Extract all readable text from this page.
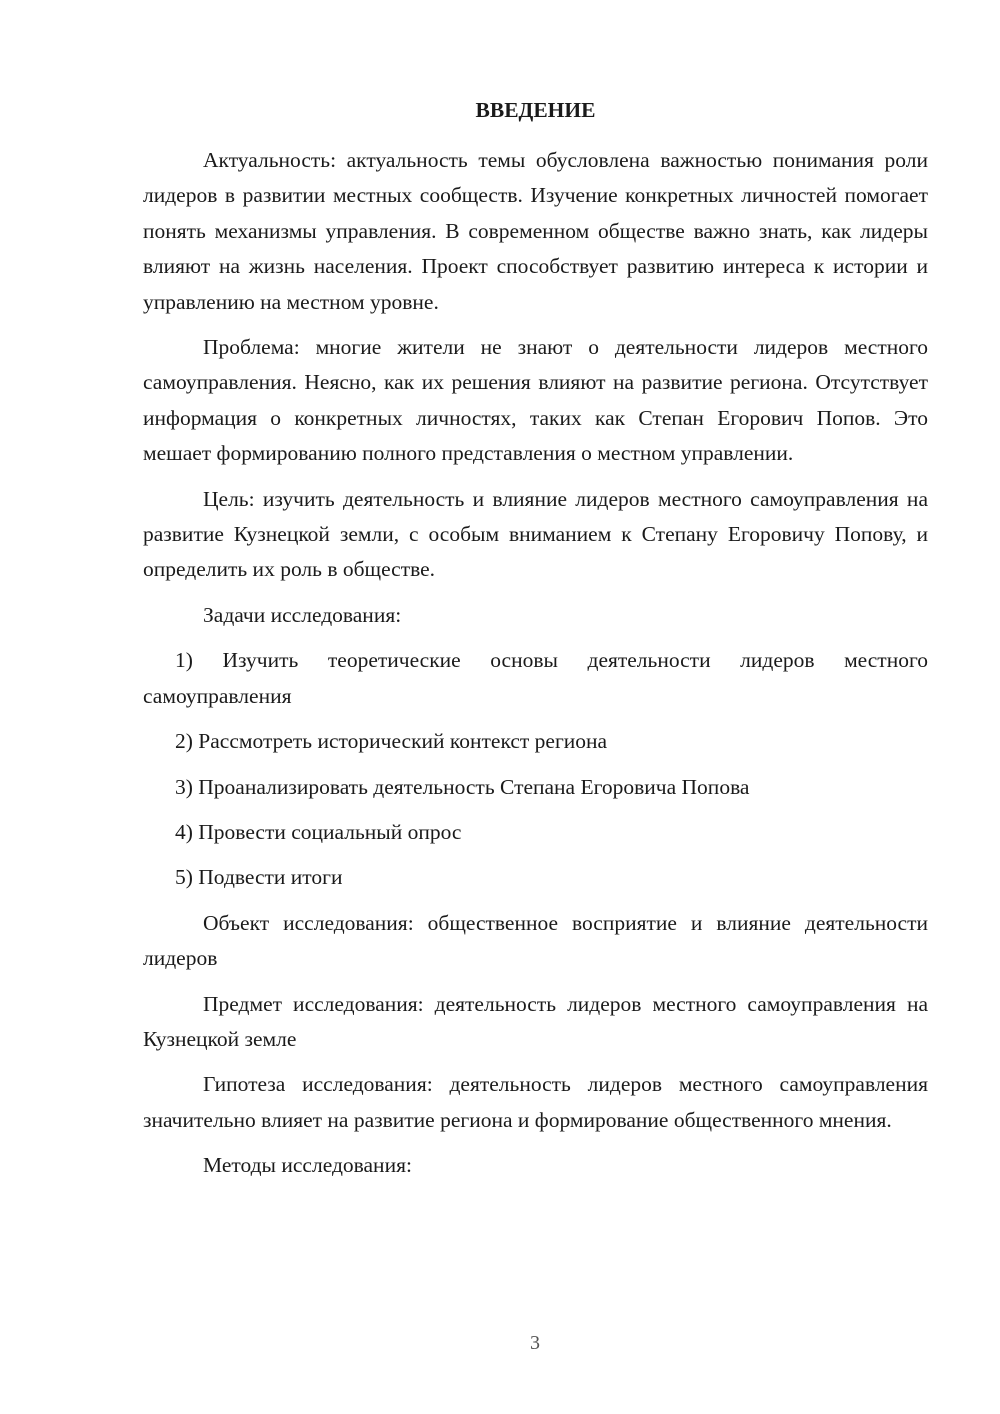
ВВЕДЕНИЕ

Актуальность: актуальность темы обусловлена важностью понимания роли лидеров в развитии местных сообществ. Изучение конкретных личностей помогает понять механизмы управления. В современном обществе важно знать, как лидеры влияют на жизнь населения. Проект способствует развитию интереса к истории и управлению на местном уровне.

Проблема: многие жители не знают о деятельности лидеров местного самоуправления. Неясно, как их решения влияют на развитие региона. Отсутствует информация о конкретных личностях, таких как Степан Егорович Попов. Это мешает формированию полного представления о местном управлении.

Цель: изучить деятельность и влияние лидеров местного самоуправления на развитие Кузнецкой земли, с особым вниманием к Степану Егоровичу Попову, и определить их роль в обществе.

Задачи исследования:

1) Изучить теоретические основы деятельности лидеров местного самоуправления

2) Рассмотреть исторический контекст региона

3) Проанализировать деятельность Степана Егоровича Попова

4) Провести социальный опрос

5) Подвести итоги

Объект исследования: общественное восприятие и влияние деятельности лидеров

Предмет исследования: деятельность лидеров местного самоуправления на Кузнецкой земле

Гипотеза исследования: деятельность лидеров местного самоуправления значительно влияет на развитие региона и формирование общественного мнения.

Методы исследования:

3
